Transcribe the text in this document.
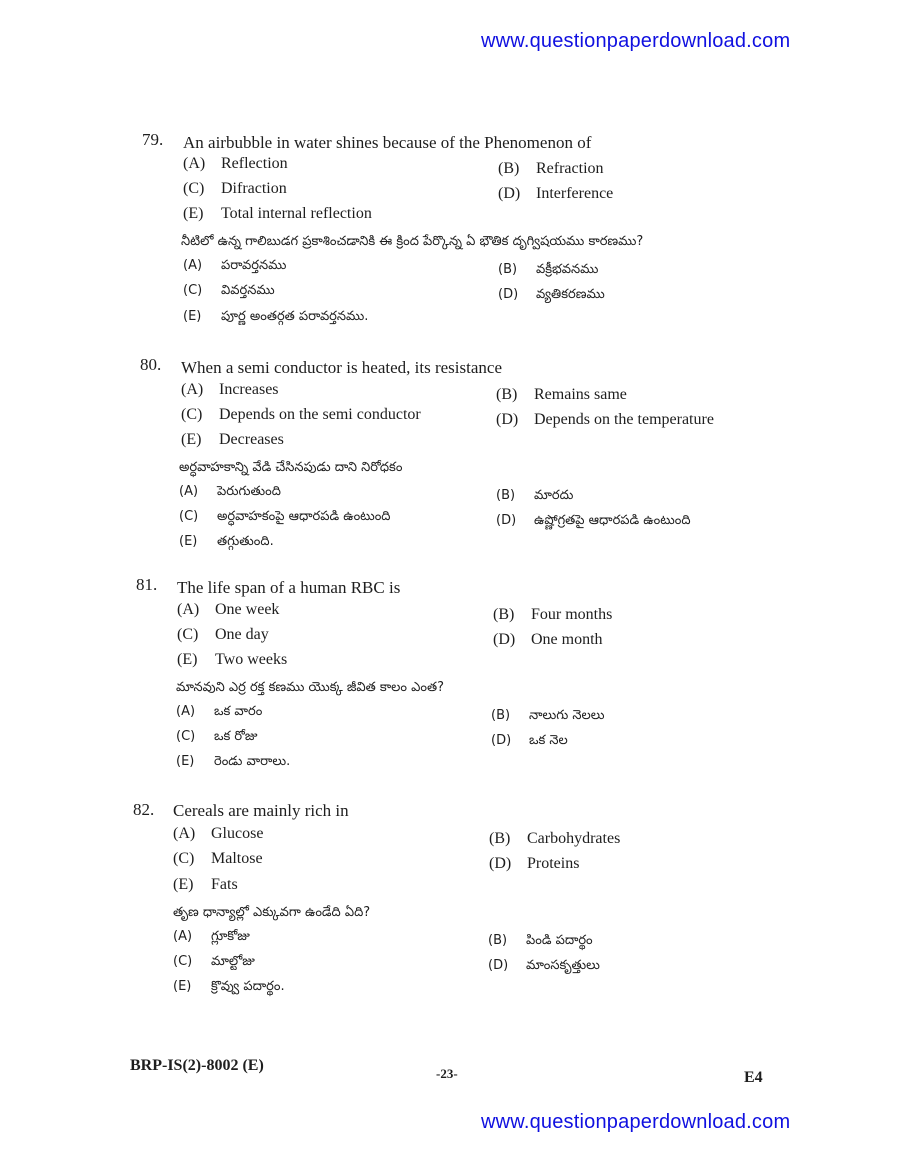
www.questionpaperdownload.com
79. An airbubble in water shines because of the Phenomenon of
(A) Reflection	(B) Refraction
(C) Difraction	(D) Interference
(E) Total internal reflection
నీటిలో ఉన్న గాలిబుడగ ప్రకాశించడానికి ఈ క్రింద పేర్కొన్న ఏ భౌతిక దృగ్విషయము కారణము?
(A) పరావర్తనము	(B) వక్రీభవనము
(C) వివర్తనము	(D) వ్యతికరణము
(E) పూర్ణ అంతర్గత పరావర్తనము.
80. When a semi conductor is heated, its resistance
(A) Increases	(B) Remains same
(C) Depends on the semi conductor	(D) Depends on the temperature
(E) Decreases
అర్ధవాహకాన్ని వేడి చేసినపుడు దాని నిరోధకం
(A) పెరుగుతుంది	(B) మారదు
(C) అర్ధవాహకంపై ఆధారపడి ఉంటుంది	(D) ఉష్ణోగ్రతపై ఆధారపడి ఉంటుంది
(E) తగ్గుతుంది.
81. The life span of a human RBC is
(A) One week	(B) Four months
(C) One day	(D) One month
(E) Two weeks
మానవుని ఎర్ర రక్త కణము యొక్క జీవిత కాలం ఎంత?
(A) ఒక వారం	(B) నాలుగు నెలలు
(C) ఒక రోజు	(D) ఒక నెల
(E) రెండు వారాలు.
82. Cereals are mainly rich in
(A) Glucose	(B) Carbohydrates
(C) Maltose	(D) Proteins
(E) Fats
తృణ ధాన్యాల్లో ఎక్కువగా ఉండేది ఏది?
(A) గ్లూకోజు	(B) పిండి పదార్థం
(C) మాల్టోజు	(D) మాంసకృత్తులు
(E) క్రొవ్వు పదార్థం.
BRP-IS(2)-8002 (E)	-23-	E4
www.questionpaperdownload.com
